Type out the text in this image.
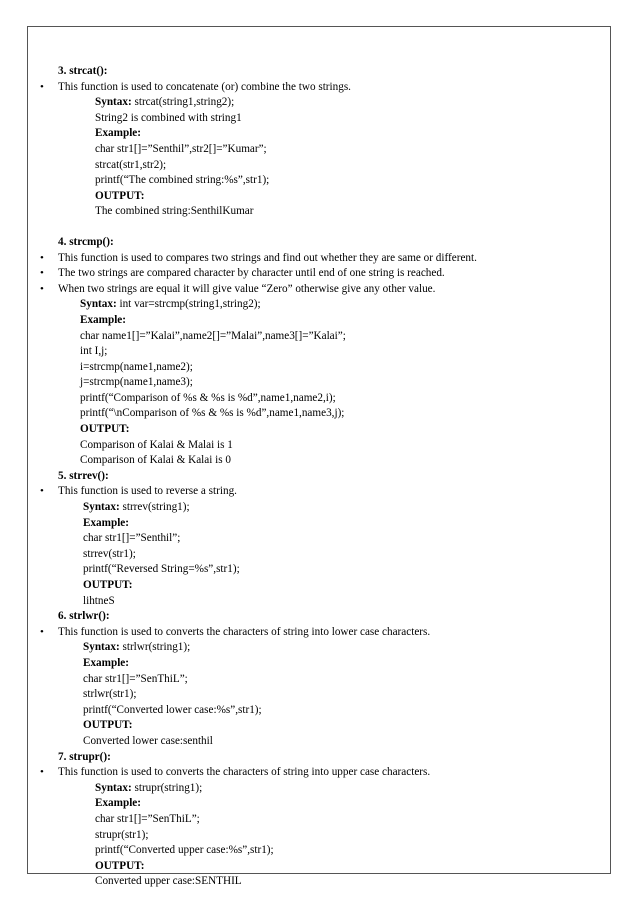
3. strcat():

• This function is used to concatenate (or) combine the two strings.

Syntax: strcat(string1,string2);

String2 is combined with string1

Example:

char str1[]=”Senthil”,str2[]=”Kumar”;

strcat(str1,str2);

printf(“The combined string:%s”,str1);

OUTPUT:

The combined string:SenthilKumar

4. strcmp():

• This function is used to compares two strings and find out whether they are same or different.
• The two strings are compared character by character until end of one string is reached.
• When two strings are equal it will give value “Zero” otherwise give any other value.

Syntax: int var=strcmp(string1,string2);

Example:

char name1[]=”Kalai”,name2[]=”Malai”,name3[]=”Kalai”;

int I,j;

i=strcmp(name1,name2);

j=strcmp(name1,name3);

printf(“Comparison of %s & %s is %d”,name1,name2,i);

printf(“\nComparison of %s & %s is %d”,name1,name3,j);

OUTPUT:

Comparison of Kalai & Malai is 1

Comparison of Kalai & Kalai is 0

5. strrev():

• This function is used to reverse a string.

Syntax: strrev(string1);

Example:

char str1[]=”Senthil”;

strrev(str1);

printf(“Reversed String=%s”,str1);

OUTPUT:

lihtneS

6. strlwr():

• This function is used to converts the characters of string into lower case characters.

Syntax: strlwr(string1);

Example:

char str1[]=”SenThiL”;

strlwr(str1);

printf(“Converted lower case:%s”,str1);

OUTPUT:

Converted lower case:senthil

7. strupr():

• This function is used to converts the characters of string into upper case characters.

Syntax: strupr(string1);

Example:

char str1[]=”SenThiL”;

strupr(str1);

printf(“Converted upper case:%s”,str1);

OUTPUT:

Converted upper case:SENTHIL
